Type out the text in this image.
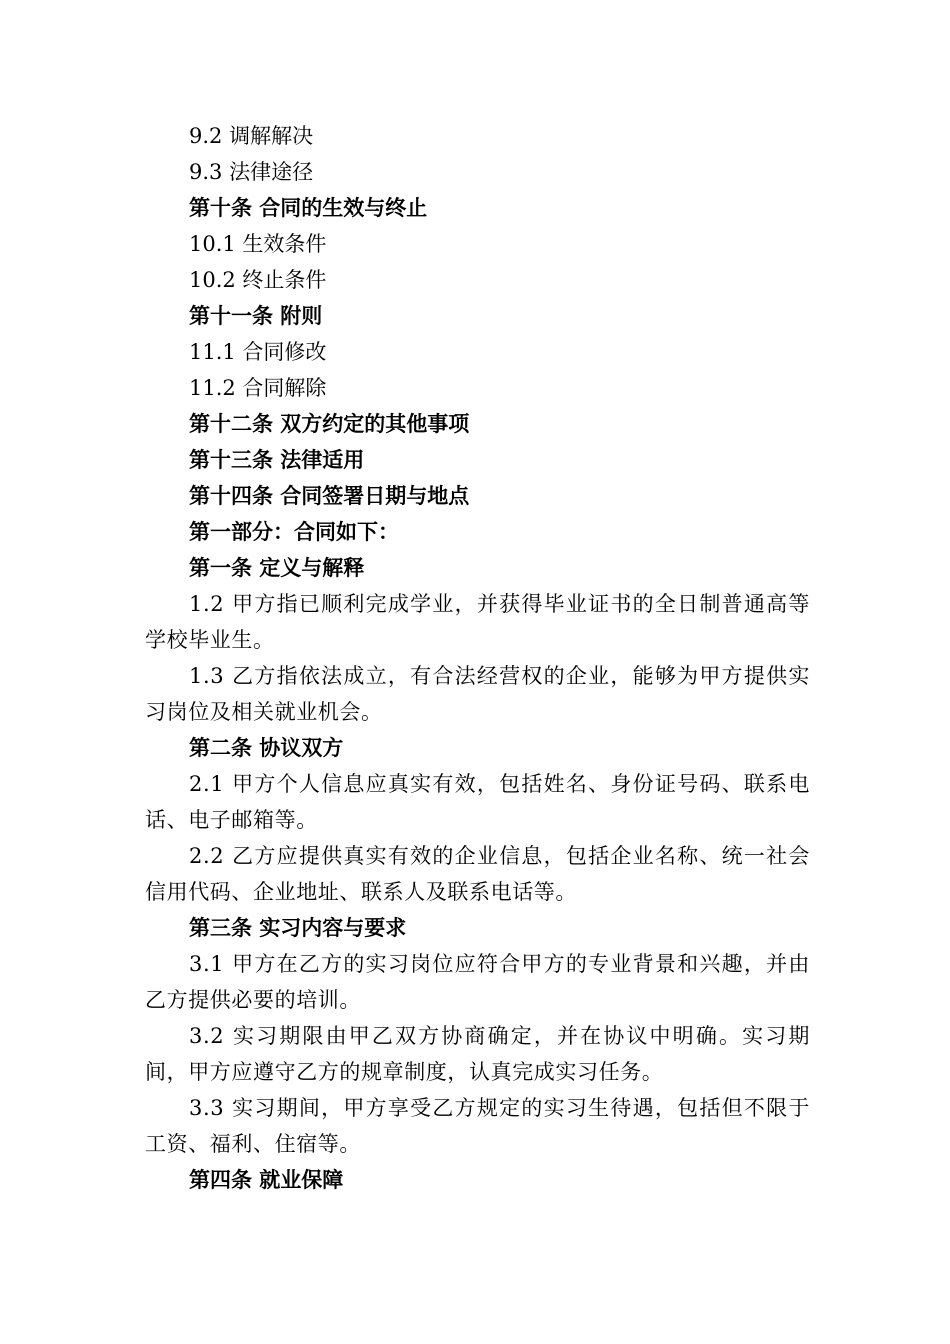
9.2 调解解决

9.3 法律途径

第十条 合同的生效与终止

10.1 生效条件

10.2 终止条件

第十一条 附则

11.1 合同修改

11.2 合同解除

第十二条 双方约定的其他事项

第十三条 法律适用

第十四条 合同签署日期与地点

第一部分：合同如下：

第一条 定义与解释

1.2 甲方指已顺利完成学业，并获得毕业证书的全日制普通高等学校毕业生。

1.3 乙方指依法成立，有合法经营权的企业，能够为甲方提供实习岗位及相关就业机会。

第二条 协议双方

2.1 甲方个人信息应真实有效，包括姓名、身份证号码、联系电话、电子邮箱等。

2.2 乙方应提供真实有效的企业信息，包括企业名称、统一社会信用代码、企业地址、联系人及联系电话等。

第三条 实习内容与要求

3.1 甲方在乙方的实习岗位应符合甲方的专业背景和兴趣，并由乙方提供必要的培训。

3.2 实习期限由甲乙双方协商确定，并在协议中明确。实习期间，甲方应遵守乙方的规章制度，认真完成实习任务。

3.3 实习期间，甲方享受乙方规定的实习生待遇，包括但不限于工资、福利、住宿等。

第四条 就业保障
